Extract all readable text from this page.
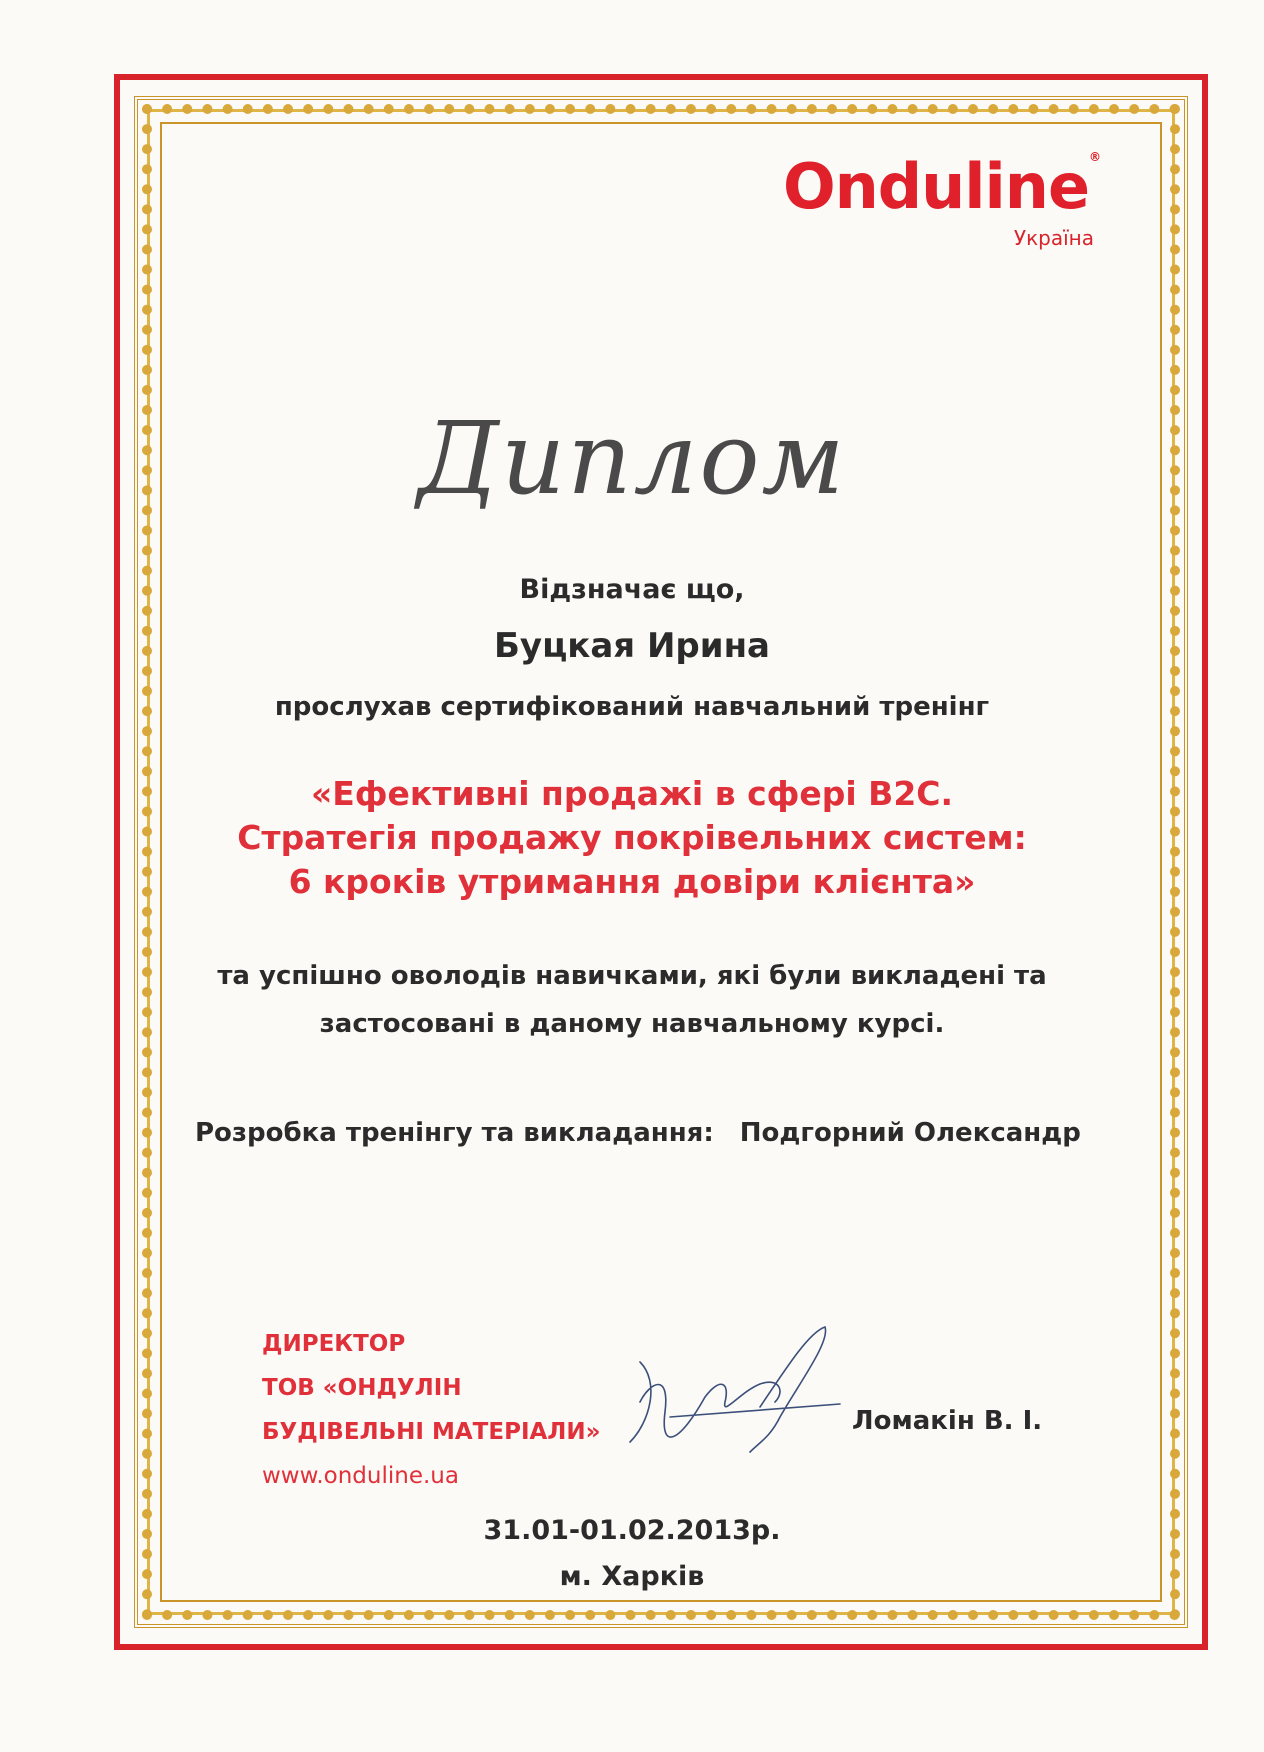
Onduline®
Україна
Диплом
Відзначає що,
Буцкая Ирина
прослухав сертифікований навчальний тренінг
«Ефективні продажі в сфері В2С.
Стратегія продажу покрівельних систем:
6 кроків утримання довіри клієнта»
та успішно оволодів навичками, які були викладені та
застосовані в даному навчальному курсі.
Розробка тренінгу та викладання: Подгорний Олександр
ДИРЕКТОР
ТОВ «ОНДУЛІН
БУДІВЕЛЬНІ МАТЕРІАЛИ»
www.onduline.ua
Ломакін В. І.
31.01-01.02.2013р.
м. Харків
